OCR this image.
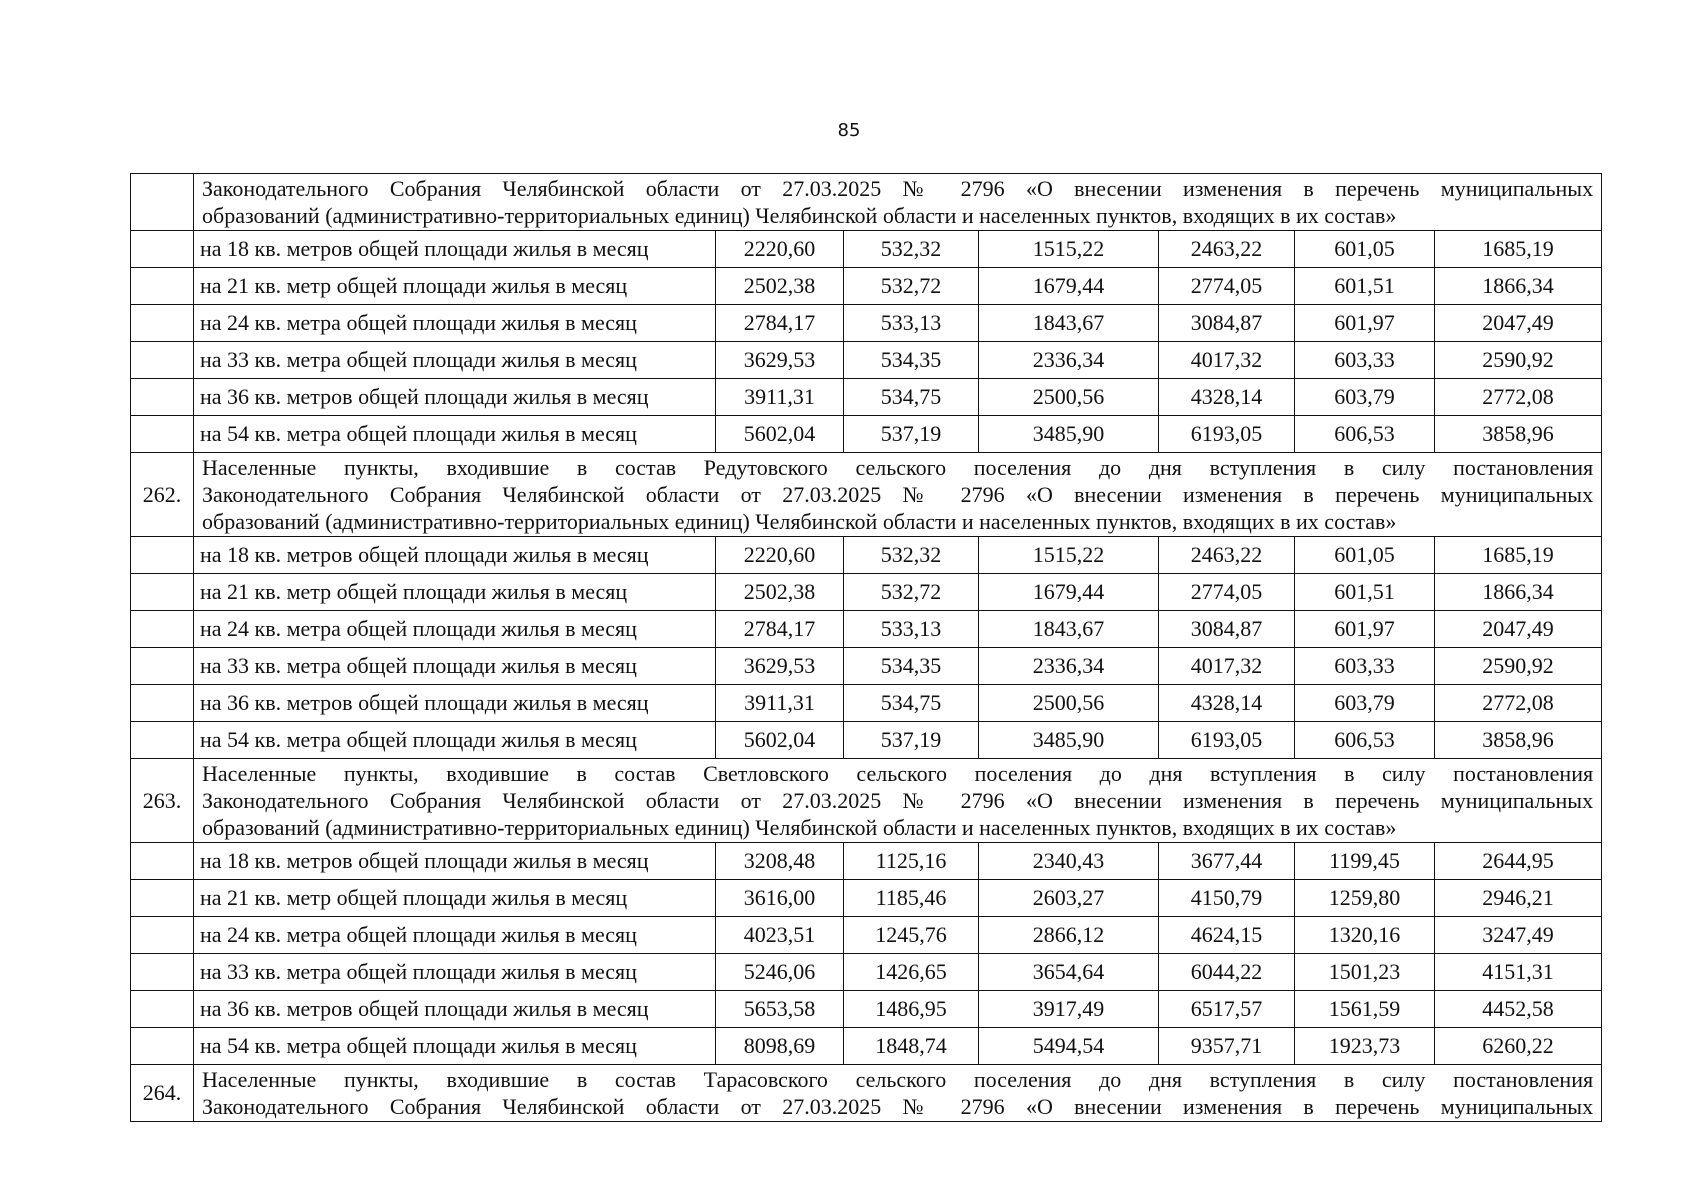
85

	Законодательного Собрания Челябинской области от 27.03.2025 № 2796 «О внесении изменения в перечень муниципальных
образований (административно-территориальных единиц) Челябинской области и населенных пунктов, входящих в их состав»						

	на 18 кв. метров общей площади жилья в месяц	2220,60	532,32	1515,22	2463,22	601,05	1685,19
	на 21 кв. метр общей площади жилья в месяц	2502,38	532,72	1679,44	2774,05	601,51	1866,34
	на 24 кв. метра общей площади жилья в месяц	2784,17	533,13	1843,67	3084,87	601,97	2047,49
	на 33 кв. метра общей площади жилья в месяц	3629,53	534,35	2336,34	4017,32	603,33	2590,92
	на 36 кв. метров общей площади жилья в месяц	3911,31	534,75	2500,56	4328,14	603,79	2772,08
	на 54 кв. метра общей площади жилья в месяц	5602,04	537,19	3485,90	6193,05	606,53	3858,96
262.	Населенные пункты, входившие в состав Редутовского сельского поселения до дня вступления в силу постановления
Законодательного Собрания Челябинской области от 27.03.2025 № 2796 «О внесении изменения в перечень муниципальных
образований (административно-территориальных единиц) Челябинской области и населенных пунктов, входящих в их состав»						

	на 18 кв. метров общей площади жилья в месяц	2220,60	532,32	1515,22	2463,22	601,05	1685,19
	на 21 кв. метр общей площади жилья в месяц	2502,38	532,72	1679,44	2774,05	601,51	1866,34
	на 24 кв. метра общей площади жилья в месяц	2784,17	533,13	1843,67	3084,87	601,97	2047,49
	на 33 кв. метра общей площади жилья в месяц	3629,53	534,35	2336,34	4017,32	603,33	2590,92
	на 36 кв. метров общей площади жилья в месяц	3911,31	534,75	2500,56	4328,14	603,79	2772,08
	на 54 кв. метра общей площади жилья в месяц	5602,04	537,19	3485,90	6193,05	606,53	3858,96
263.	Населенные пункты, входившие в состав Светловского сельского поселения до дня вступления в силу постановления
Законодательного Собрания Челябинской области от 27.03.2025 № 2796 «О внесении изменения в перечень муниципальных
образований (административно-территориальных единиц) Челябинской области и населенных пунктов, входящих в их состав»						

	на 18 кв. метров общей площади жилья в месяц	3208,48	1125,16	2340,43	3677,44	1199,45	2644,95
	на 21 кв. метр общей площади жилья в месяц	3616,00	1185,46	2603,27	4150,79	1259,80	2946,21
	на 24 кв. метра общей площади жилья в месяц	4023,51	1245,76	2866,12	4624,15	1320,16	3247,49
	на 33 кв. метра общей площади жилья в месяц	5246,06	1426,65	3654,64	6044,22	1501,23	4151,31
	на 36 кв. метров общей площади жилья в месяц	5653,58	1486,95	3917,49	6517,57	1561,59	4452,58
	на 54 кв. метра общей площади жилья в месяц	8098,69	1848,74	5494,54	9357,71	1923,73	6260,22
264.	Населенные пункты, входившие в состав Тарасовского сельского поселения до дня вступления в силу постановления
Законодательного Собрания Челябинской области от 27.03.2025 № 2796 «О внесении изменения в перечень муниципальных						
